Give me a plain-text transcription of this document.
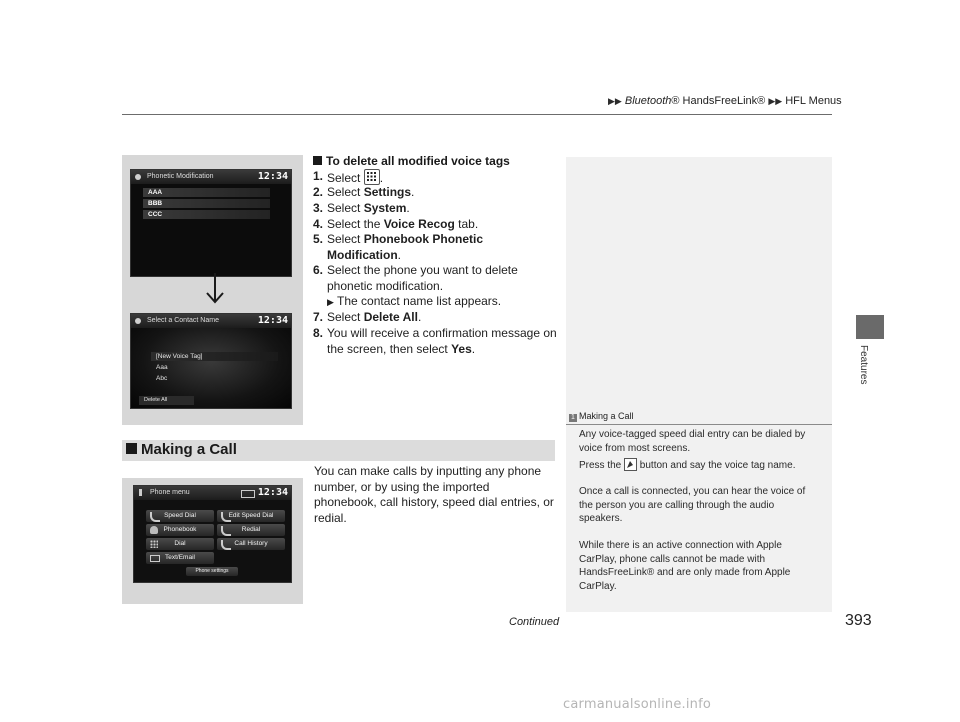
▶▶ Bluetooth® HandsFreeLink® ▶▶ HFL Menus
Features
Phonetic Modification	12:34
AAA
BBB
CCC
Select a Contact Name	12:34
[New Voice Tag]
Aaa
Abc
Delete All
To delete all modified voice tags
1. Select
.
2. Select Settings.
3. Select System.
4. Select the Voice Recog tab.
5. Select Phonebook Phonetic Modification.
6. Select the phone you want to delete phonetic modification.
▶ The contact name list appears.
7. Select Delete All.
8. You will receive a confirmation message on the screen, then select Yes.
Making a Call
Phone menu	12:34
Speed Dial	Edit Speed Dial
Phonebook	Redial
Dial	Call History
Text/Email
Phone settings
You can make calls by inputting any phone number, or by using the imported phonebook, call history, speed dial entries, or redial.
1 Making a Call
Any voice-tagged speed dial entry can be dialed by voice from most screens.
Press the  button and say the voice tag name.
Once a call is connected, you can hear the voice of the person you are calling through the audio speakers.
While there is an active connection with Apple CarPlay, phone calls cannot be made with HandsFreeLink® and are only made from Apple CarPlay.
Continued	393
carmanualsonline.info
